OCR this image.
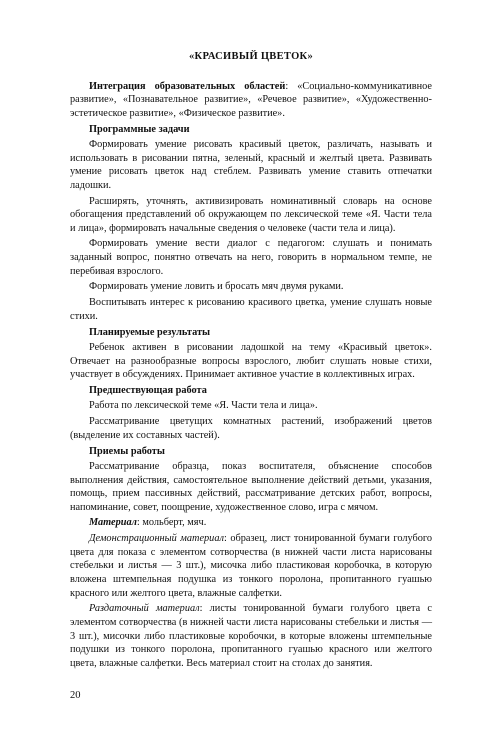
«КРАСИВЫЙ ЦВЕТОК»

Интеграция образовательных областей: «Социально-коммуникативное развитие», «Познавательное развитие», «Речевое развитие», «Художественно-эстетическое развитие», «Физическое развитие».

Программные задачи

Формировать умение рисовать красивый цветок, различать, называть и использовать в рисовании пятна, зеленый, красный и желтый цвета. Развивать умение рисовать цветок над стеблем. Развивать умение ставить отпечатки ладошки.

Расширять, уточнять, активизировать номинативный словарь на основе обогащения представлений об окружающем по лексической теме «Я. Части тела и лица», формировать начальные сведения о человеке (части тела и лица).

Формировать умение вести диалог с педагогом: слушать и понимать заданный вопрос, понятно отвечать на него, говорить в нормальном темпе, не перебивая взрослого.

Формировать умение ловить и бросать мяч двумя руками.

Воспитывать интерес к рисованию красивого цветка, умение слушать новые стихи.

Планируемые результаты

Ребенок активен в рисовании ладошкой на тему «Красивый цветок». Отвечает на разнообразные вопросы взрослого, любит слушать новые стихи, участвует в обсуждениях. Принимает активное участие в коллективных играх.

Предшествующая работа

Работа по лексической теме «Я. Части тела и лица».

Рассматривание цветущих комнатных растений, изображений цветов (выделение их составных частей).

Приемы работы

Рассматривание образца, показ воспитателя, объяснение способов выполнения действия, самостоятельное выполнение действий детьми, указания, помощь, прием пассивных действий, рассматривание детских работ, вопросы, напоминание, совет, поощрение, художественное слово, игра с мячом.

Материал: мольберт, мяч.

Демонстрационный материал: образец, лист тонированной бумаги голубого цвета для показа с элементом сотворчества (в нижней части листа нарисованы стебельки и листья — 3 шт.), мисочка либо пластиковая коробочка, в которую вложена штемпельная подушка из тонкого поролона, пропитанного гуашью красного или желтого цвета, влажные салфетки.

Раздаточный материал: листы тонированной бумаги голубого цвета с элементом сотворчества (в нижней части листа нарисованы стебельки и листья — 3 шт.), мисочки либо пластиковые коробочки, в которые вложены штемпельные подушки из тонкого поролона, пропитанного гуашью красного или желтого цвета, влажные салфетки. Весь материал стоит на столах до занятия.

20
